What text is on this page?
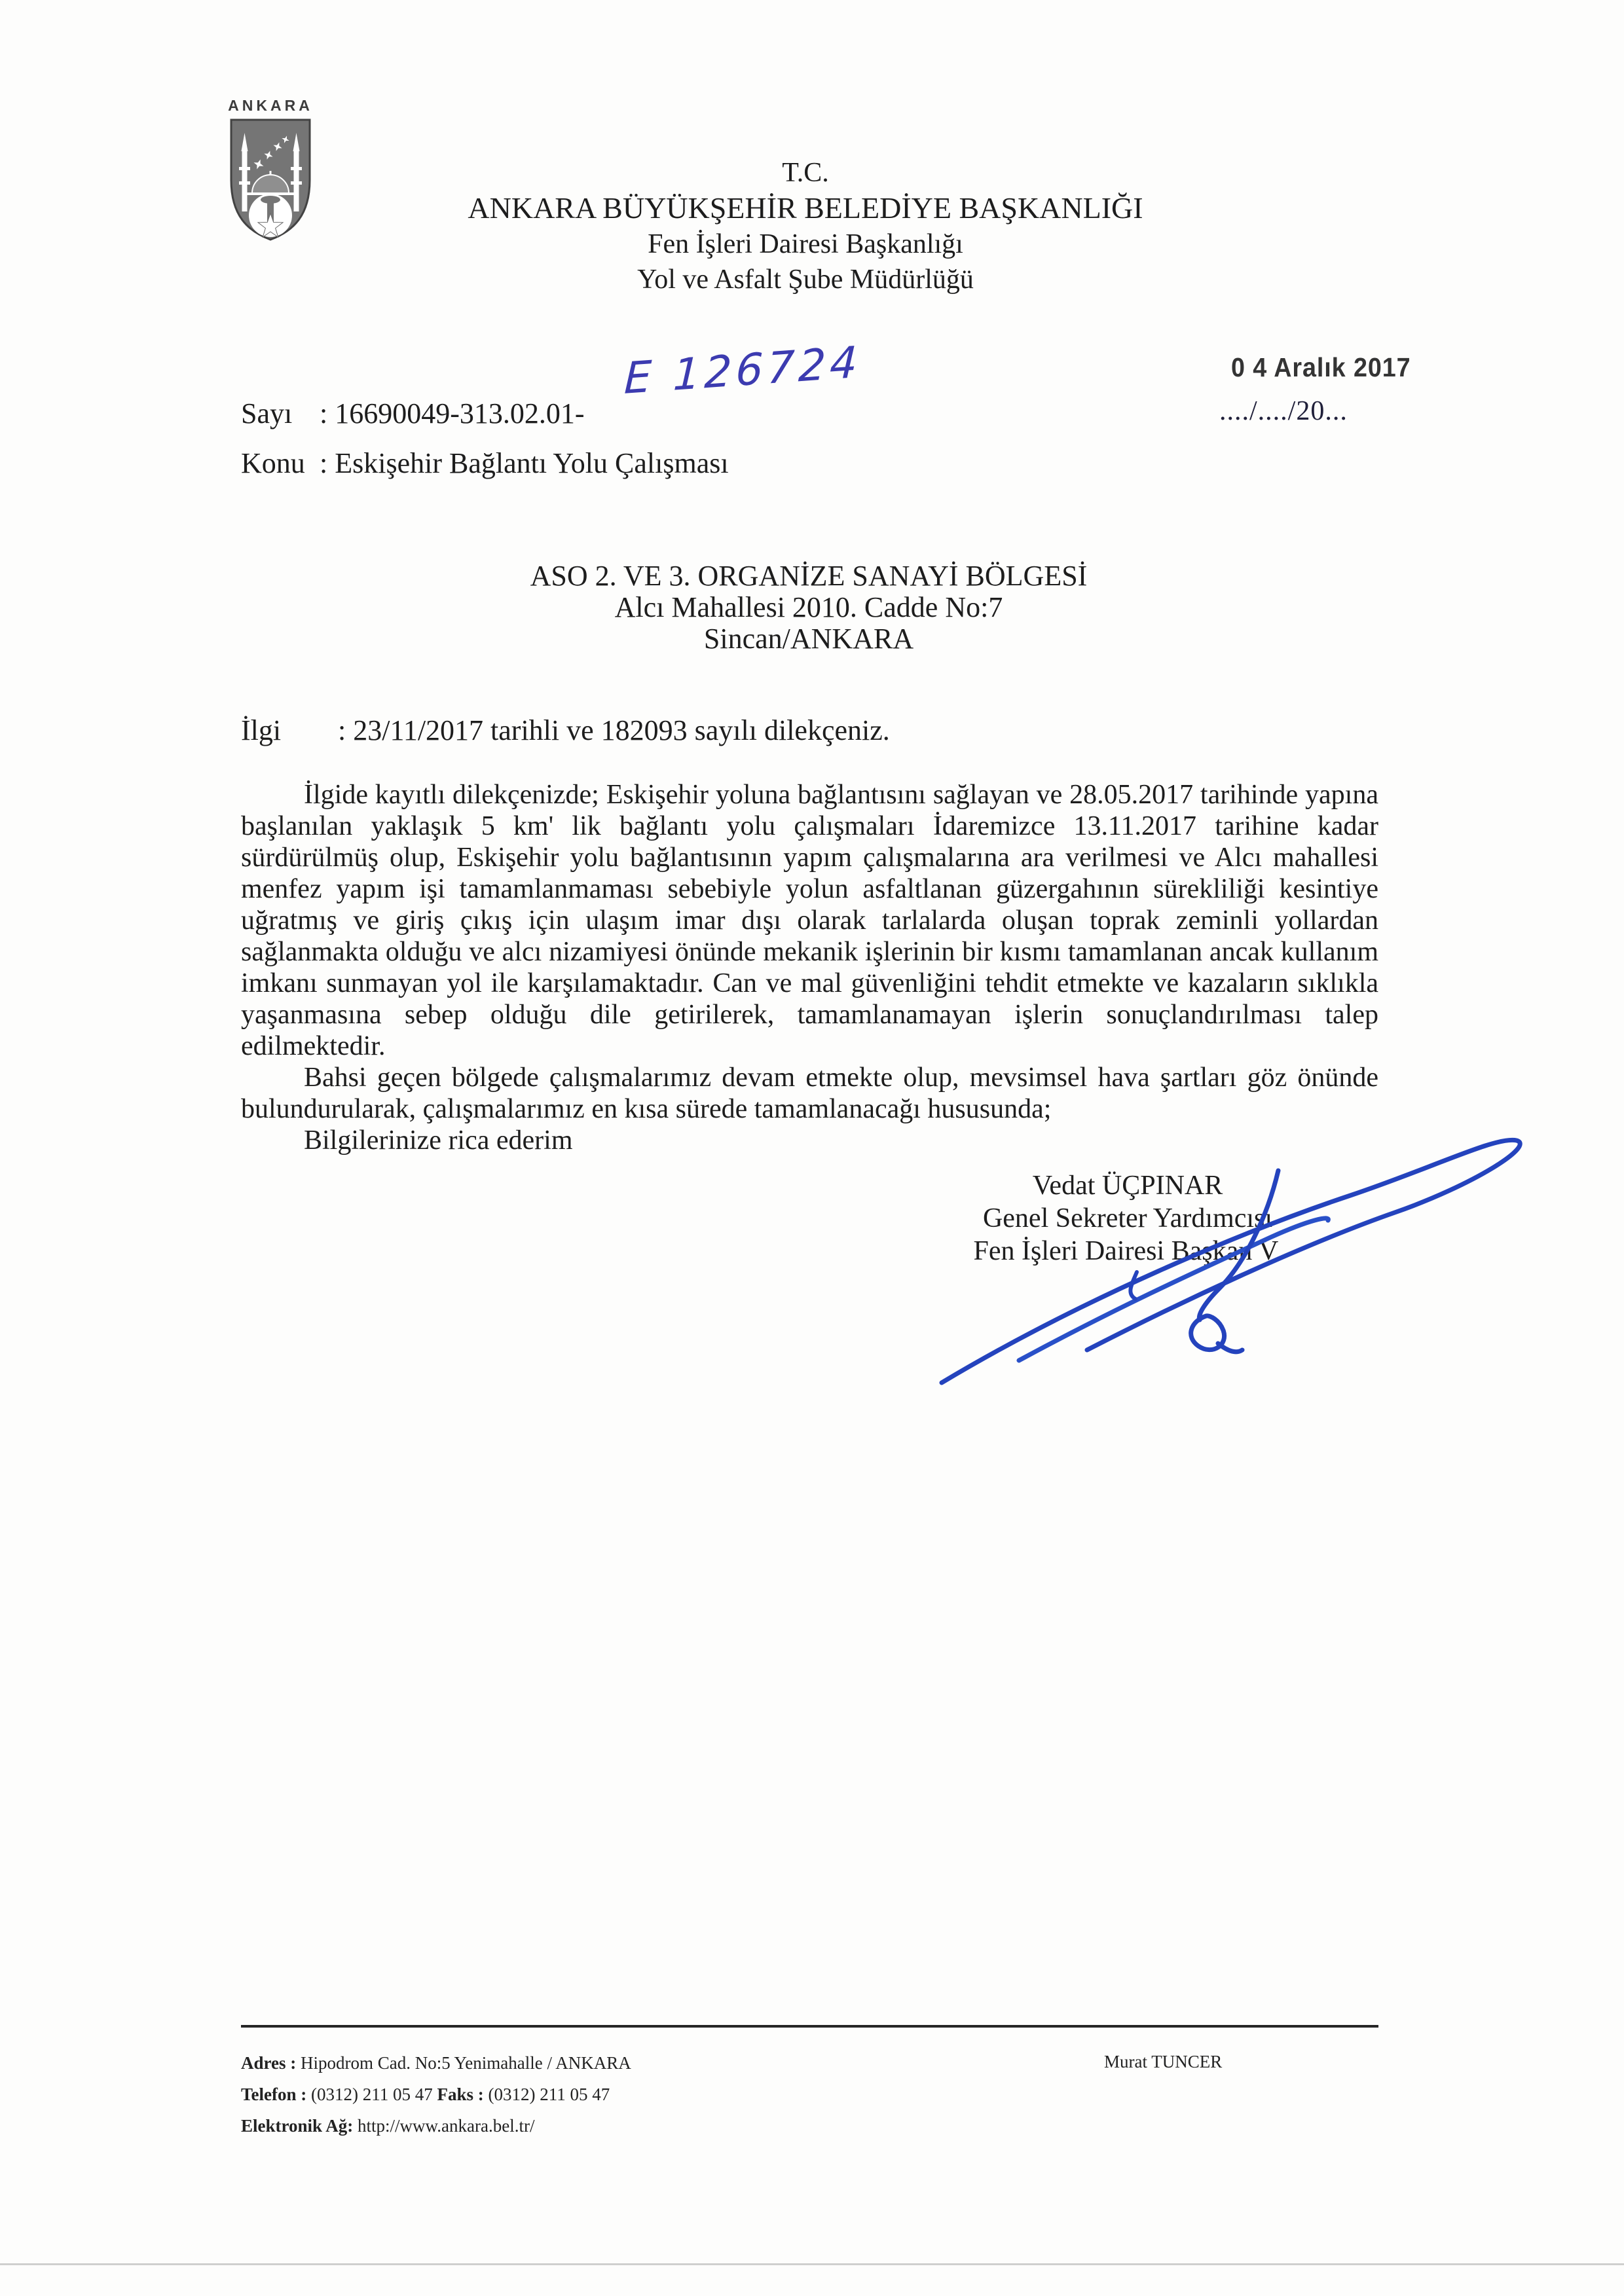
ANKARA
T.C.
ANKARA BÜYÜKŞEHİR BELEDİYE BAŞKANLIĞI
Fen İşleri Dairesi Başkanlığı
Yol ve Asfalt Şube Müdürlüğü
0 4 Aralık 2017
..../..../20...
Sayı : 16690049-313.02.01-
E 126724
Konu : Eskişehir Bağlantı Yolu Çalışması
ASO 2. VE 3. ORGANİZE SANAYİ BÖLGESİ
Alcı Mahallesi 2010. Cadde No:7
Sincan/ANKARA
İlgi : 23/11/2017 tarihli ve 182093 sayılı dilekçeniz.

İlgide kayıtlı dilekçenizde; Eskişehir yoluna bağlantısını sağlayan ve 28.05.2017 tarihinde yapına başlanılan yaklaşık 5 km' lik bağlantı yolu çalışmaları İdaremizce 13.11.2017 tarihine kadar sürdürülmüş olup, Eskişehir yolu bağlantısının yapım çalışmalarına ara verilmesi ve Alcı mahallesi menfez yapım işi tamamlanmaması sebebiyle yolun asfaltlanan güzergahının sürekliliği kesintiye uğratmış ve giriş çıkış için ulaşım imar dışı olarak tarlalarda oluşan toprak zeminli yollardan sağlanmakta olduğu ve alcı nizamiyesi önünde mekanik işlerinin bir kısmı tamamlanan ancak kullanım imkanı sunmayan yol ile karşılamaktadır. Can ve mal güvenliğini tehdit etmekte ve kazaların sıklıkla yaşanmasına sebep olduğu dile getirilerek, tamamlanamayan işlerin sonuçlandırılması talep edilmektedir.

Bahsi geçen bölgede çalışmalarımız devam etmekte olup, mevsimsel hava şartları göz önünde bulundurularak, çalışmalarımız en kısa sürede tamamlanacağı hususunda;

Bilgilerinize rica ederim

Vedat ÜÇPINAR
Genel Sekreter Yardımcısı
Fen İşleri Dairesi Başkan V.
Adres : Hipodrom Cad. No:5 Yenimahalle / ANKARA
Telefon : (0312) 211 05 47 Faks : (0312) 211 05 47
Elektronik Ağ: http://www.ankara.bel.tr/
Murat TUNCER
